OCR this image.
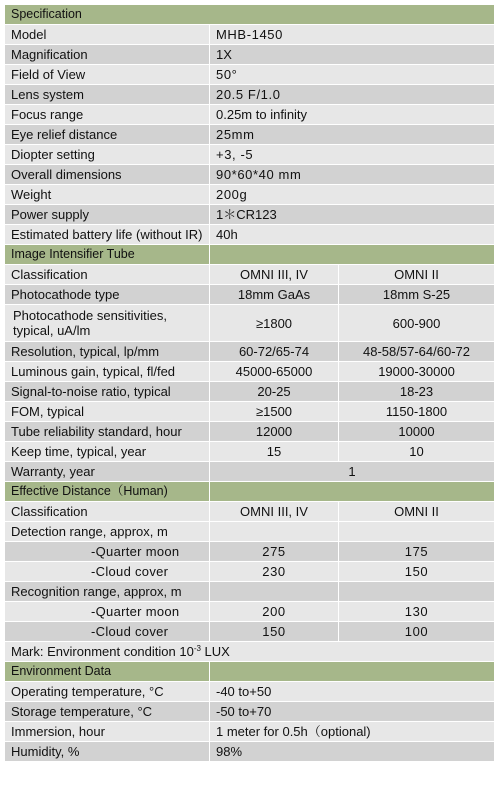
Specification		
Model	MHB-1450	
Magnification	1X	
Field of View	50°	
Lens system	20.5 F/1.0	
Focus range	0.25m to infinity	
Eye relief distance	25mm	
Diopter setting	+3, -5	
Overall dimensions	90*60*40 mm	
Weight	200g	
Power supply	1＊CR123	
Estimated battery life (without IR)	40h	
Image Intensifier Tube		
Classification	OMNI III, IV	OMNI II
Photocathode type	18mm GaAs	18mm S-25
Photocathode sensitivities, typical, uA/lm	≥1800	600-900
Resolution, typical, lp/mm	60-72/65-74	48-58/57-64/60-72
Luminous gain, typical, fl/fed	45000-65000	19000-30000
Signal-to-noise ratio, typical	20-25	18-23
FOM, typical	≥1500	1150-1800
Tube reliability standard, hour	12000	10000
Keep time, typical, year	15	10
Warranty, year	1	
Effective Distance（Human)		
Classification	OMNI III, IV	OMNI II
Detection range, approx, m		
-Quarter moon	275	175
-Cloud cover	230	150
Recognition range, approx, m		
-Quarter moon	200	130
-Cloud cover	150	100
Mark: Environment condition $10^{-3}$ LUX		
Environment Data		
Operating temperature, °C	-40 to+50	
Storage temperature, °C	-50 to+70	
Immersion, hour	1 meter for 0.5h（optional)	
Humidity, %	98%	
